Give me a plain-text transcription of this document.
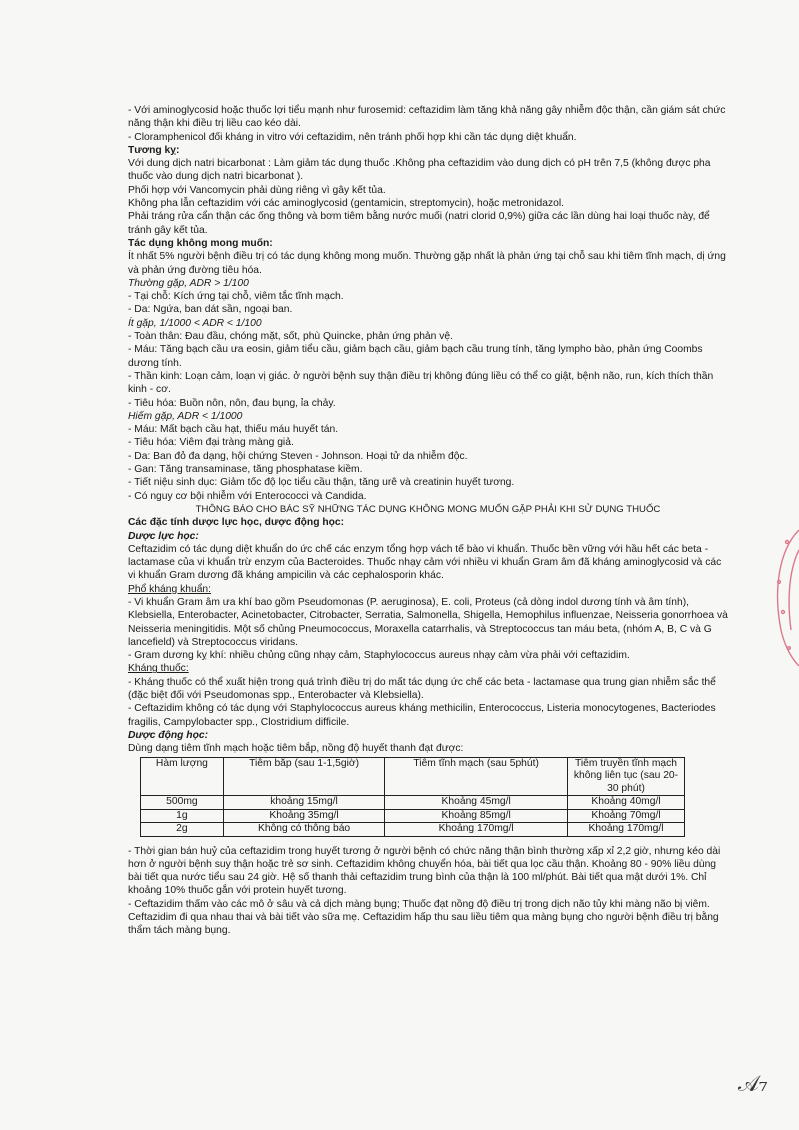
- Với aminoglycosid hoặc thuốc lợi tiểu mạnh như furosemid: ceftazidim làm tăng khả năng gây nhiễm độc thận, cần giám sát chức năng thận khi điều trị liều cao kéo dài.

- Cloramphenicol đối kháng in vitro với ceftazidim, nên tránh phối hợp khi cần tác dụng diệt khuẩn.

Tương kỵ:

Với dung dịch natri bicarbonat : Làm giảm tác dụng thuốc .Không pha ceftazidim vào dung dịch có pH trên 7,5 (không được pha thuốc vào dung dịch natri bicarbonat ).

Phối hợp với Vancomycin phải dùng riêng vì gây kết tủa.

Không pha lẫn ceftazidim với các aminoglycosid (gentamicin, streptomycin), hoặc metronidazol.

Phải tráng rửa cẩn thận các ống thông và bơm tiêm bằng nước muối (natri clorid 0,9%) giữa các lần dùng hai loại thuốc này, để tránh gây kết tủa.

Tác dụng không mong muốn:

Ít nhất 5% người bệnh điều trị có tác dụng không mong muốn. Thường gặp nhất là phản ứng tại chỗ sau khi tiêm tĩnh mạch, dị ứng và phản ứng đường tiêu hóa.

Thường gặp, ADR > 1/100

- Tại chỗ: Kích ứng tại chỗ, viêm tắc tĩnh mạch.

- Da: Ngứa, ban dát sần, ngoại ban.

Ít gặp, 1/1000 < ADR < 1/100

- Toàn thân: Đau đầu, chóng mặt, sốt, phù Quincke, phản ứng phản vệ.

- Máu: Tăng bạch cầu ưa eosin, giảm tiểu cầu, giảm bạch cầu, giảm bạch cầu trung tính, tăng lympho bào, phản ứng Coombs dương tính.

- Thần kinh: Loạn cảm, loạn vị giác. ở người bệnh suy thận điều trị không đúng liều có thể co giật, bệnh não, run, kích thích thần kinh - cơ.

- Tiêu hóa: Buồn nôn, nôn, đau bụng, ỉa chảy.

Hiếm gặp, ADR < 1/1000

- Máu: Mất bạch cầu hạt, thiếu máu huyết tán.

- Tiêu hóa: Viêm đại tràng màng giả.

- Da: Ban đỏ đa dạng, hội chứng Steven - Johnson. Hoại tử da nhiễm độc.

- Gan: Tăng transaminase, tăng phosphatase kiềm.

- Tiết niệu sinh dục: Giảm tốc độ lọc tiểu cầu thận, tăng urê và creatinin huyết tương.

- Có nguy cơ bội nhiễm với Enterococci và Candida.

THÔNG BÁO CHO BÁC SỸ NHỮNG TÁC DỤNG KHÔNG MONG MUỐN GẶP PHẢI KHI SỬ DỤNG THUỐC

Các đặc tính dược lực học, dược động học:

Dược lực học:

Ceftazidim có tác dụng diệt khuẩn do ức chế các enzym tổng hợp vách tế bào vi khuẩn. Thuốc bền vững với hầu hết các beta - lactamase của vi khuẩn trừ enzym của Bacteroides. Thuốc nhạy cảm với nhiều vi khuẩn Gram âm đã kháng aminoglycosid và các vi khuẩn Gram dương đã kháng ampicilin và các cephalosporin khác.

Phổ kháng khuẩn:

- Vi khuẩn Gram âm ưa khí bao gồm Pseudomonas (P. aeruginosa), E. coli, Proteus (cả dòng indol dương tính và âm tính), Klebsiella, Enterobacter, Acinetobacter, Citrobacter, Serratia, Salmonella, Shigella, Hemophilus influenzae, Neisseria gonorrhoea và Neisseria meningitidis. Một số chủng Pneumococcus, Moraxella catarrhalis, và Streptococcus tan máu beta, (nhóm A, B, C và G lancefield) và Streptococcus viridans.

- Gram dương kỵ khí: nhiều chủng cũng nhạy cảm, Staphylococcus aureus nhạy cảm vừa phải với ceftazidim.

Kháng thuốc:

- Kháng thuốc có thể xuất hiện trong quá trình điều trị do mất tác dụng ức chế các beta - lactamase qua trung gian nhiễm sắc thể (đặc biệt đối với Pseudomonas spp., Enterobacter và Klebsiella).

- Ceftazidim không có tác dụng với Staphylococcus aureus kháng methicilin, Enterococcus, Listeria monocytogenes, Bacteriodes fragilis, Campylobacter spp., Clostridium difficile.

Dược động học:

Dùng dạng tiêm tĩnh mạch hoặc tiêm bắp, nồng độ huyết thanh đạt được:

Hàm lượng	Tiêm bắp (sau 1-1,5giờ)	Tiêm tĩnh mạch (sau 5phút)	Tiêm truyền tĩnh mạch không liên tục (sau 20-30 phút)
500mg	khoảng 15mg/l	Khoảng 45mg/l	Khoảng 40mg/l
1g	Khoảng 35mg/l	Khoảng 85mg/l	Khoảng 70mg/l
2g	Không có thông báo	Khoảng 170mg/l	Khoảng 170mg/l

- Thời gian bán huỷ của ceftazidim trong huyết tương ở người bệnh có chức năng thận bình thường xấp xỉ 2,2 giờ, nhưng kéo dài hơn ở người bệnh suy thận hoặc trẻ sơ sinh. Ceftazidim không chuyển hóa, bài tiết qua lọc cầu thận. Khoảng 80 - 90% liều dùng bài tiết qua nước tiểu sau 24 giờ. Hệ số thanh thải ceftazidim trung bình của thận là 100 ml/phút. Bài tiết qua mật dưới 1%. Chỉ khoảng 10% thuốc gắn với protein huyết tương.

- Ceftazidim thấm vào các mô ở sâu và cả dịch màng bụng; Thuốc đạt nồng độ điều trị trong dịch não tủy khi màng não bị viêm. Ceftazidim đi qua nhau thai và bài tiết vào sữa mẹ. Ceftazidim hấp thu sau liều tiêm qua màng bụng cho người bệnh điều trị bằng thẩm tách màng bụng.

𝒜₇
